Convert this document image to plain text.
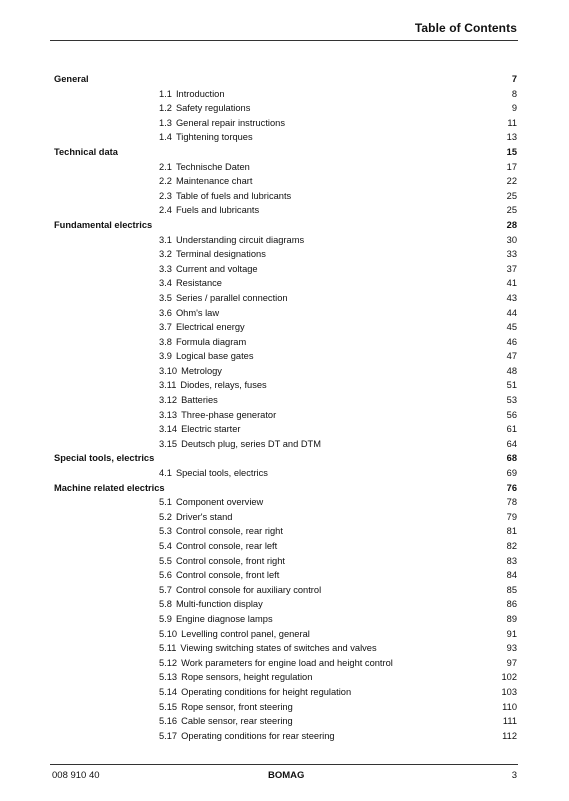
Table of Contents
General	7
1.1 Introduction	8
1.2 Safety regulations	9
1.3 General repair instructions	11
1.4 Tightening torques	13
Technical data	15
2.1 Technische Daten	17
2.2 Maintenance chart	22
2.3 Table of fuels and lubricants	25
2.4 Fuels and lubricants	25
Fundamental electrics	28
3.1 Understanding circuit diagrams	30
3.2 Terminal designations	33
3.3 Current and voltage	37
3.4 Resistance	41
3.5 Series / parallel connection	43
3.6 Ohm's law	44
3.7 Electrical energy	45
3.8 Formula diagram	46
3.9 Logical base gates	47
3.10 Metrology	48
3.11 Diodes, relays, fuses	51
3.12 Batteries	53
3.13 Three-phase generator	56
3.14 Electric starter	61
3.15 Deutsch plug, series DT and DTM	64
Special tools, electrics	68
4.1 Special tools, electrics	69
Machine related electrics	76
5.1 Component overview	78
5.2 Driver's stand	79
5.3 Control console, rear right	81
5.4 Control console, rear left	82
5.5 Control console, front right	83
5.6 Control console, front left	84
5.7 Control console for auxiliary control	85
5.8 Multi-function display	86
5.9 Engine diagnose lamps	89
5.10 Levelling control panel, general	91
5.11 Viewing switching states of switches and valves	93
5.12 Work parameters for engine load and height control	97
5.13 Rope sensors, height regulation	102
5.14 Operating conditions for height regulation	103
5.15 Rope sensor, front steering	110
5.16 Cable sensor, rear steering	111
5.17 Operating conditions for rear steering	112
008 910 40	BOMAG	3
